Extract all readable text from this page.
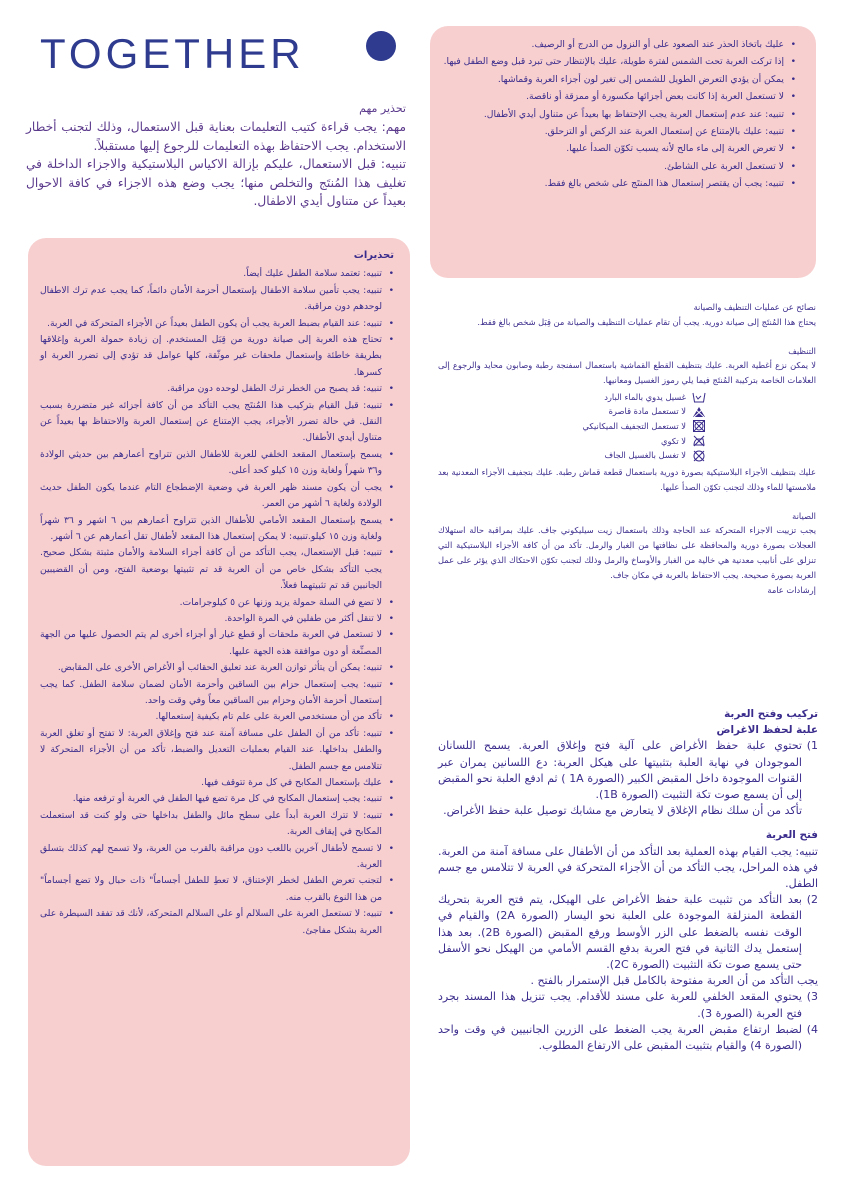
TOGETHER
تحذير مهم

مهم: يجب قراءة كتيب التعليمات بعناية قبل الاستعمال، وذلك لتجنب أخطار الاستخدام. يجب الاحتفاظ بهذه التعليمات للرجوع إليها مستقبلاً.

تنبيه: قبل الاستعمال، عليكم بإزالة الاكياس البلاستيكية والاجزاء الداخلة في تغليف هذا المُنتَج والتخلص منها؛ يجب وضع هذه الاجزاء في كافة الاحوال بعيداً عن متناول أيدي الاطفال.

• عليك باتخاذ الحذر عند الصعود على أو النزول من الدرج أو الرصيف.
• إذا تركت العربة تحت الشمس لفترة طويلة، عليك بالإنتظار حتى تبرد قبل وضع الطفل فيها.
• يمكن أن يؤدي التعرض الطويل للشمس إلى تغير لون أجزاء العربة وقماشها.
• لا تستعمل العربة إذا كانت بعض أجزائها مكسورة أو ممزقة أو ناقصة.
• تنبيه: عند عدم إستعمال العربة يجب الإحتفاظ بها بعيداً عن متناول أيدي الأطفال.
• تنبيه: عليك بالإمتناع عن إستعمال العربة عند الركض أو التزحلق.
• لا تعرض العربة إلى ماء مالح لأنه يسبب تكوّن الصدأ عليها.
• لا تستعمل العربة على الشاطئ.
• تنبيه: يجب أن يقتصر إستعمال هذا المنتَج على شخص بالغ فقط.
تحذيرات
• تنبيه: تعتمد سلامة الطفل عليك أيضاً.
• تنبيه: يجب تأمين سلامة الاطفال بإستعمال أحزمة الأمان دائماً، كما يجب عدم ترك الاطفال لوحدهم دون مراقبة.
• تنبيه: عند القيام بضبط العربة يجب أن يكون الطفل بعيداً عن الأجزاء المتحركة في العربة.
• تحتاج هذه العربة إلى صيانة دورية من قِبَل المستخدم. إن زيادة حمولة العربة وإغلاقها بطريقة خاطئة وإستعمال ملحقات غير موثّقة، كلها عوامل قد تؤدي إلى تضرر العربة او كسرها.
• تنبيه: قد يصبح من الخطر ترك الطفل لوحده دون مراقبة.
• تنبيه: قبل القيام بتركيب هذا المُنتَج يجب التأكد من أن كافة أجزائه غير متضررة بسبب النقل. في حالة تضرر الأجزاء، يجب الإمتناع عن إستعمال العربة والاحتفاظ بها بعيداً عن متناول أيدي الأطفال.
• يسمح بإستعمال المقعد الخلفي للعربة للاطفال الذين تتراوح أعمارهم بين حديثي الولادة و٣٦ شهراً ولغاية وزن ١٥ كيلو كحد أعلى.
• يجب أن يكون مسند ظهر العربة في وضعية الإضطجاع التام عندما يكون الطفل حديث الولادة ولغاية ٦ أشهر من العمر.
• يسمح بإستعمال المقعد الأمامي للأطفال الذين تتراوح أعمارهم بين ٦ اشهر و ٣٦ شهراً ولغاية وزن ١٥ كيلو.تنبيه: لا يمكن إستعمال هذا المقعد لأطفال تقل أعمارهم عن ٦ أشهر.
• تنبيه: قبل الإستعمال، يجب التأكد من أن كافة أجزاء السلامة والأمان مثبتة بشكل صحيح. يجب التأكد بشكل خاص من أن العربة قد تم تثبيتها بوضعية الفتح، ومن أن القضيبين الجانبين قد تم تثبيتهما فعلاً.
• لا تضع في السلة حمولة يزيد وزنها عن ٥ كيلوجرامات.
• لا تنقل أكثر من طفلين في المرة الواحدة.
• لا تستعمل في العربة ملحقات أو قطع غيار أو أجزاء أخرى لم يتم الحصول عليها من الجهة المصنِّعة أو دون موافقة هذه الجهة عليها.
• تنبيه: يمكن أن يتأثر توازن العربة عند تعليق الحقائب أو الأغراض الأخرى على المقابض.
• تنبيه: يجب إستعمال حزام بين الساقين وأحزمة الأمان لضمان سلامة الطفل. كما يجب إستعمال أحزمة الأمان وحزام بين الساقين معاً وفي وقت واحد.
• تأكد من أن مستخدمي العربة على علم تام بكيفية إستعمالها.
• تنبيه: تأكد من أن الطفل على مسافة آمنة عند فتح وإغلاق العربة: لا تفتح أو تغلق العربة والطفل بداخلها. عند القيام بعمليات التعديل والضبط، تأكد من أن الأجزاء المتحركة لا تتلامس مع جسم الطفل.
• عليك بإستعمال المكابح في كل مرة تتوقف فيها.
• تنبيه: يجب إستعمال المكابح في كل مرة تضع فيها الطفل في العربة أو ترفعه منها.
• تنبيه: لا تترك العربة أبداً على سطح مائل والطفل بداخلها حتى ولو كنت قد استعملت المكابح في إيقاف العربة.
• لا تسمح لأطفال آخرين باللعب دون مراقبة بالقرب من العربة، ولا تسمح لهم كذلك بتسلق العربة.
• لتجنب تعرض الطفل لخطر الإختناق، لا تعطِ للطفل أجساماً" ذات حبال ولا تضع أجساماً" من هذا النوع بالقرب منه.
• تنبيه: لا تستعمل العربة على السلالم أو على السلالم المتحركة، لأنك قد تفقد السيطرة على العربة بشكل مفاجئ.

نصائح عن عمليات التنظيف والصيانة

يحتاج هذا المُنتَج إلى صيانة دورية. يجب أن تقام عمليات التنظيف والصيانة من قِبَل شخص بالغ فقط.

التنظيف

لا يمكن نزع أغطية العربة. عليك بتنظيف القطع القماشية باستعمال اسفنجة رطبة وصابون محايد والرجوع إلى العلامات الخاصة بتركيبة المُنتَج فيما يلي رموز الغسيل ومعانيها.

غسيل يدوي بالماء البارد
لا تستعمل مادة قاصرة
لا تستعمل التجفيف الميكانيكي
لا تكوي
لا تغسل بالغسيل الجاف

عليك بتنظيف الأجزاء البلاستيكية بصورة دورية باستعمال قطعة قماش رطبة. عليك بتجفيف الأجزاء المعدنية بعد ملامستها للماء وذلك لتجنب تكوّن الصدأ عليها.

الصيانة

يجب تزييت الاجزاء المتحركة عند الحاجة وذلك باستعمال زيت سيليكوني جاف. عليك بمراقبة حالة استهلاك العجلات بصورة دورية والمحافظة على نظافتها من الغبار والرمل. تأكد من أن كافة الأجزاء البلاستيكية التي تنزلق على أنابيب معدنية هي خالية من الغبار والأوساخ والرمل وذلك لتجنب تكوّن الاحتكاك الذي يؤثر على عمل العربة بصورة صحيحة. يجب الاحتفاظ بالعربة في مكان جاف.

إرشادات عامة

تركيب وفتح العربة
علبة لحفظ الاغراض

1)
تحتوي علبة حفظ الأغراض على آلية فتح وإغلاق العربة. يسمح اللسانان الموجودان في نهاية العلبة بتثبيتها على هيكل العربة: دع اللسانين يمران عبر القنوات الموجودة داخل المقبض الكبير (الصورة 1A ) ثم ادفع العلبة نحو المقبض إلى أن يسمع صوت تكة التثبيت (الصورة 1B).

تأكد من أن سلك نظام الإغلاق لا يتعارض مع مشابك توصيل علبة حفظ الأغراض.

فتح العربة

تنبيه: يجب القيام بهذه العملية بعد التأكد من أن الأطفال على مسافة آمنة من العربة. في هذه المراحل، يجب التأكد من أن الأجزاء المتحركة في العربة لا تتلامس مع جسم الطفل.

2)
بعد التأكد من تثبيت علبة حفظ الأغراض على الهيكل، يتم فتح العربة بتحريك القطعة المنزلقة الموجودة على العلبة نحو اليسار (الصورة 2A) والقيام في الوقت نفسه بالضغط على الزر الأوسط ورفع المقبض (الصورة 2B). بعد هذا إستعمل يدك الثانية في فتح العربة بدفع القسم الأمامي من الهيكل نحو الأسفل حتى يسمع صوت تكة التثبيت (الصورة 2C).

يجب التأكد من أن العربة مفتوحة بالكامل قبل الإستمرار بالفتح .

3)
يحتوي المقعد الخلفي للعربة على مسند للأقدام. يجب تنزيل هذا المسند بجرد فتح العربة (الصورة 3).

4)
لضبط ارتفاع مقبض العربة يجب الضغط على الزرين الجانبيين في وقت واحد (الصورة 4) والقيام بتثبيت المقبض على الارتفاع المطلوب.
